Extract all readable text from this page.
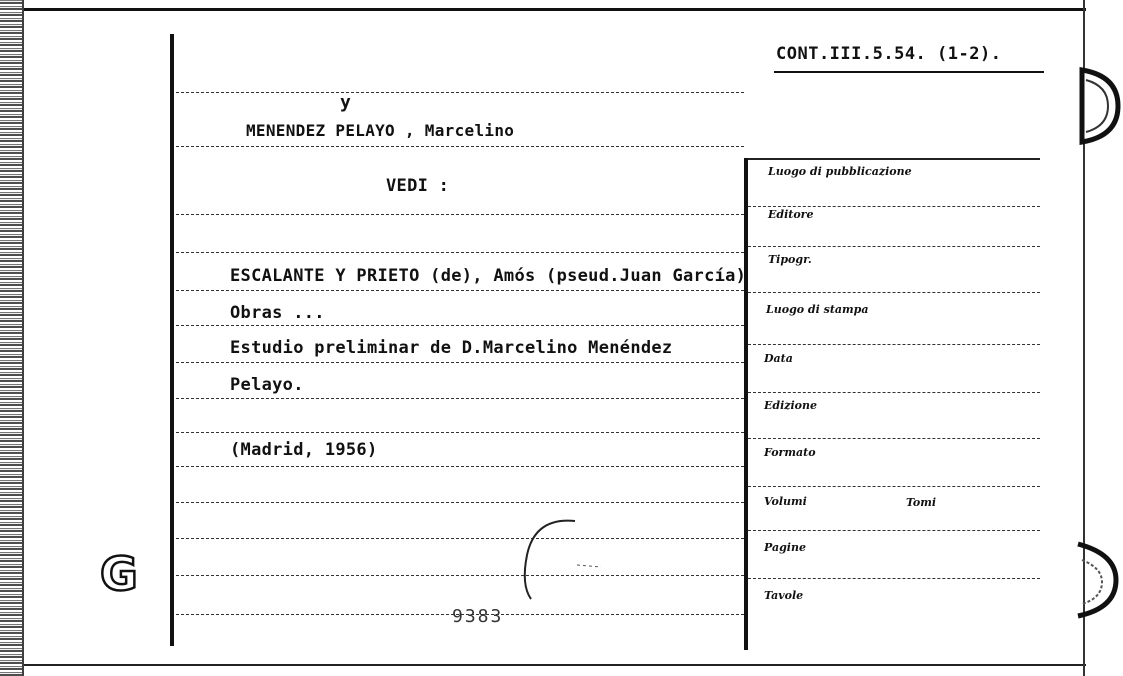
CONT.III.5.54. (1-2).
y
MENENDEZ PELAYO , Marcelino
VEDI :
ESCALANTE Y PRIETO (de), Amós (pseud.Juan García)
Obras ...
Estudio preliminar de D.Marcelino Menéndez
Pelayo.
(Madrid, 1956)
Luogo di pubblicazione
Editore
Tipogr.
Luogo di stampa
Data
Edizione
Formato
Volumi	Tomi
Pagine
Tavole
9383
G
